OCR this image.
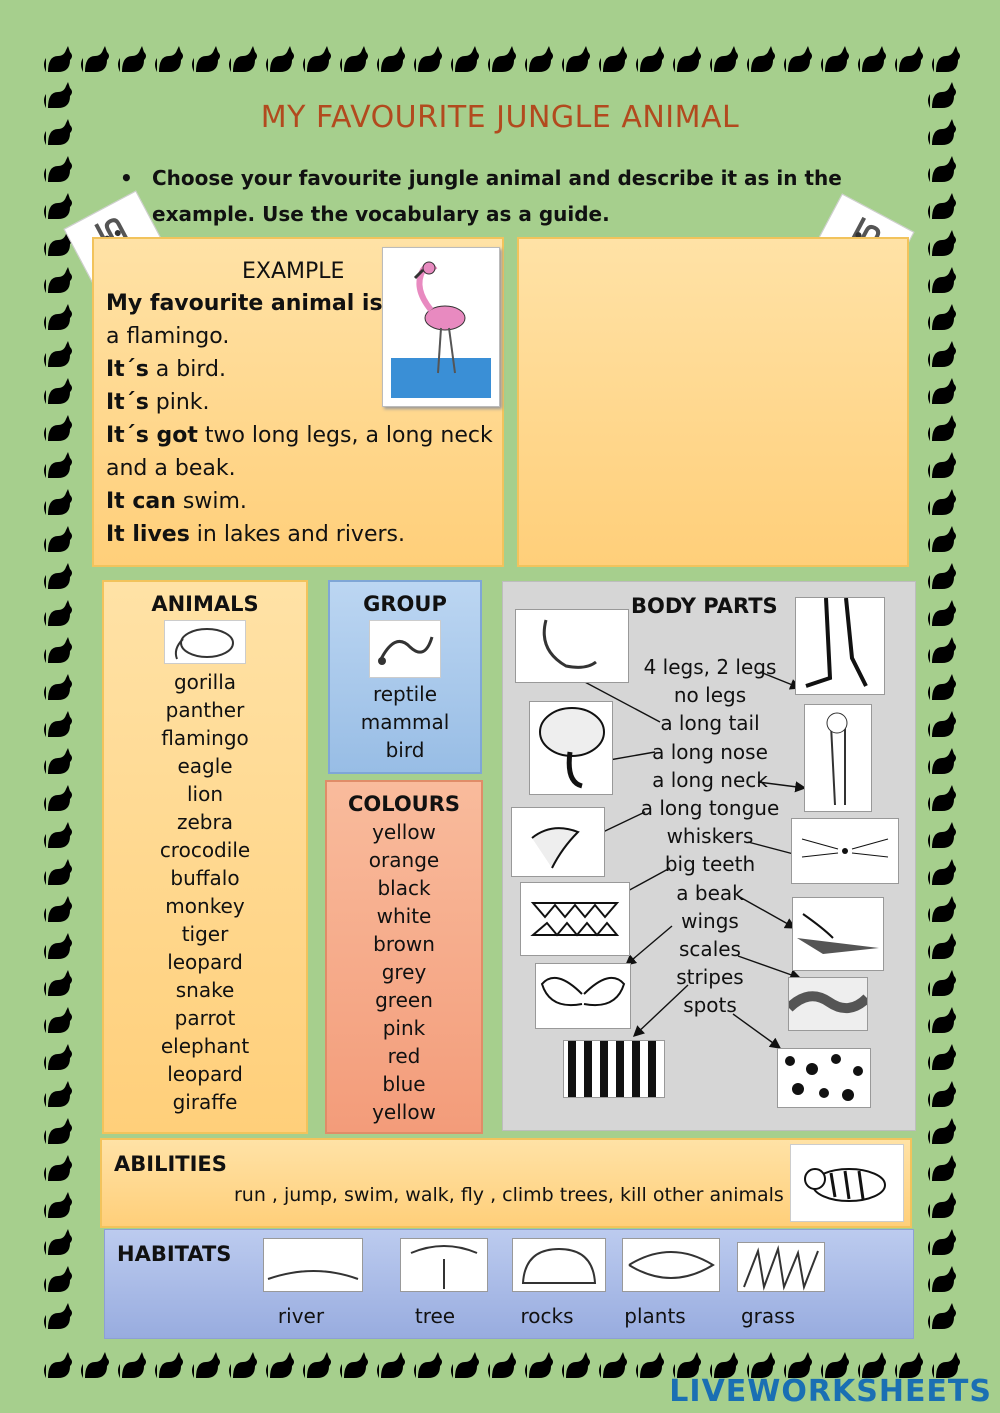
MY FAVOURITE JUNGLE ANIMAL
• Choose your favourite jungle animal and describe it as in the example. Use the vocabulary as a guide.
EXAMPLE
My favourite animal is
a flamingo.
It´s a bird.
It´s pink.
It´s got two long legs, a long neck
and a beak.
It can swim.
It lives in lakes and rivers.
ANIMALS
gorilla
panther
flamingo
eagle
lion
zebra
crocodile
buffalo
monkey
tiger
leopard
snake
parrot
elephant
leopard
giraffe
GROUP
reptile
mammal
bird
COLOURS
yellow
orange
black
white
brown
grey
green
pink
red
blue
yellow
BODY PARTS
4 legs, 2 legs
no legs
a long tail
a long nose
a long neck
a long tongue
whiskers
big teeth
a beak
wings
scales
stripes
spots
ABILITIES
run , jump, swim, walk, fly , climb trees, kill other animals
HABITATS
river	tree	rocks	plants	grass
LIVEWORKSHEETS
